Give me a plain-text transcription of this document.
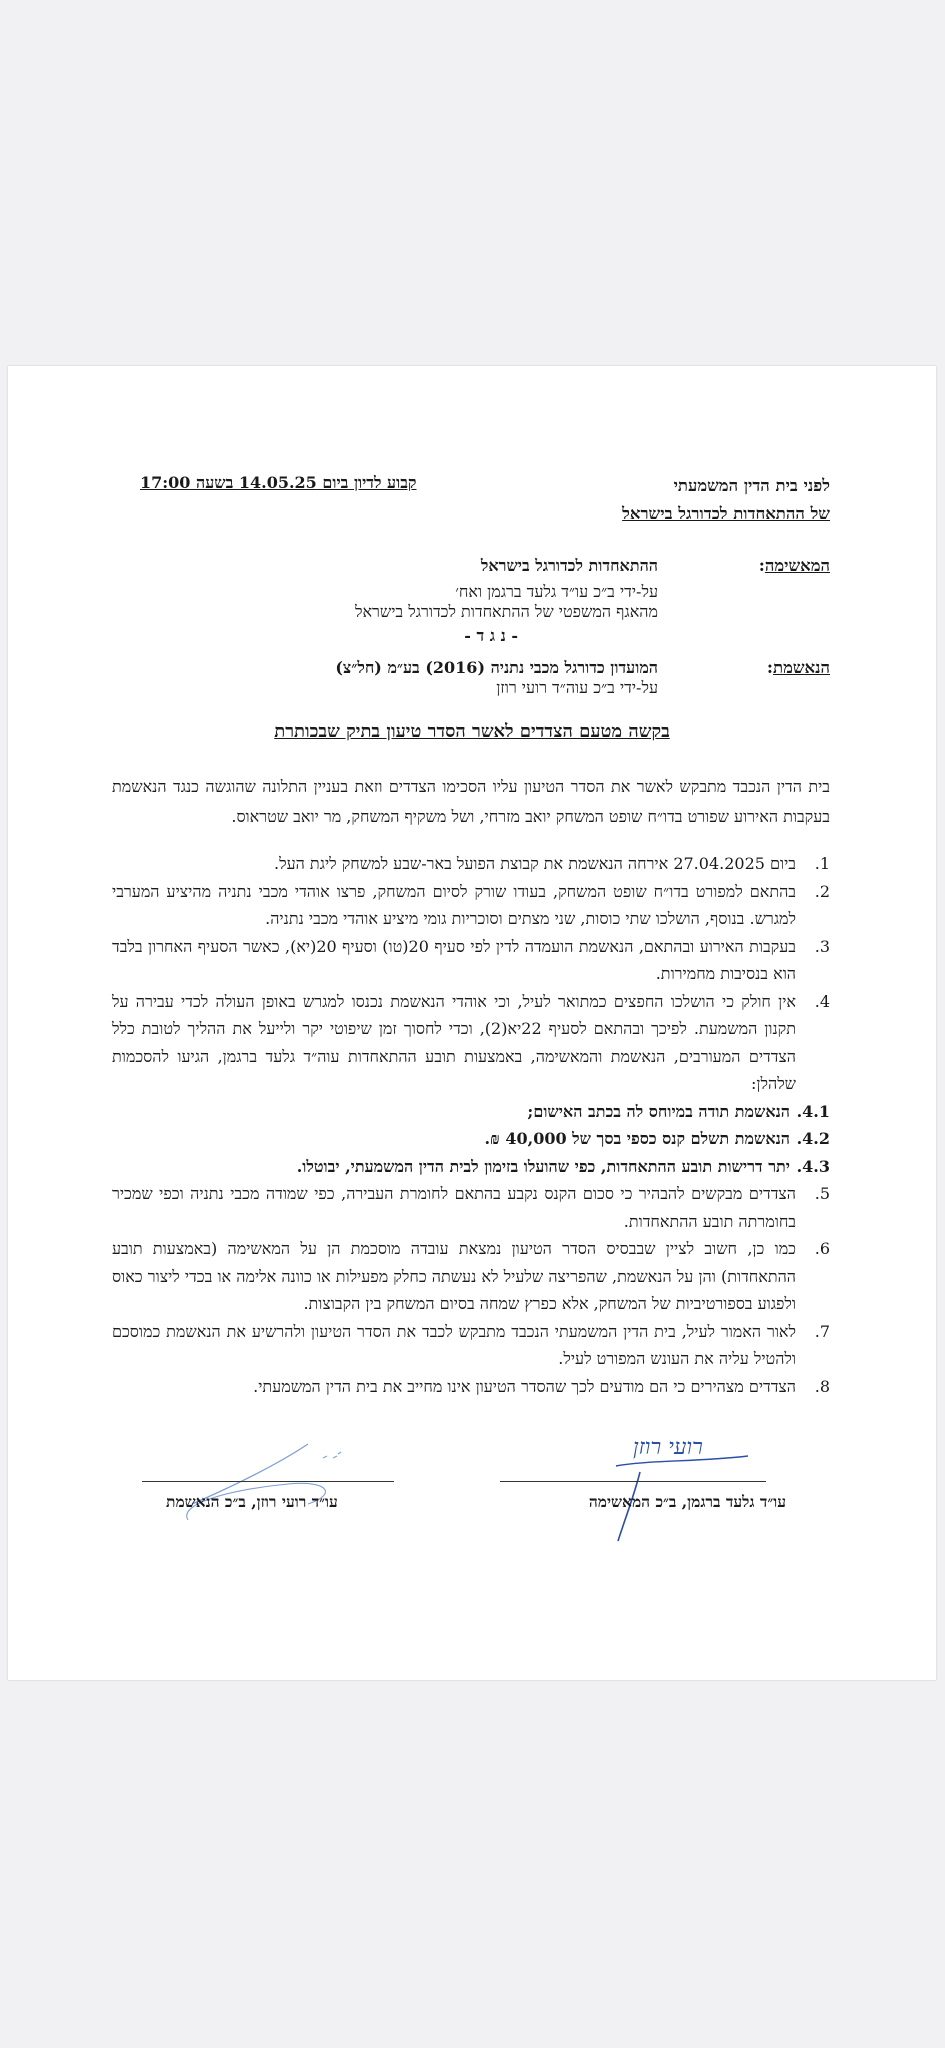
לפני בית הדין המשמעתי
של ההתאחדות לכדורגל בישראל
קבוע לדיון ביום 14.05.25 בשעה 17:00
המאשימה:
ההתאחדות לכדורגל בישראל
על-ידי ב״כ עו״ד גלעד ברגמן ואח׳
מהאגף המשפטי של ההתאחדות לכדורגל בישראל
- נ ג ד -
הנאשמת:
המועדון כדורגל מכבי נתניה (2016) בע״מ (חל״צ)
על-ידי ב״כ עוה״ד רועי רוזן
בקשה מטעם הצדדים לאשר הסדר טיעון בתיק שבכותרת
בית הדין הנכבד מתבקש לאשר את הסדר הטיעון עליו הסכימו הצדדים וזאת בעניין התלונה שהוגשה כנגד הנאשמת בעקבות האירוע שפורט בדו״ח שופט המשחק יואב מזרחי, ושל משקיף המשחק, מר יואב שטראוס.
1.
ביום 27.04.2025 אירחה הנאשמת את קבוצת הפועל באר-שבע למשחק ליגת העל.
2.
בהתאם למפורט בדו״ח שופט המשחק, בעודו שורק לסיום המשחק, פרצו אוהדי מכבי נתניה מהיציע המערבי למגרש. בנוסף, הושלכו שתי כוסות, שני מצתים וסוכריות גומי מיציע אוהדי מכבי נתניה.
3.
בעקבות האירוע ובהתאם, הנאשמת הועמדה לדין לפי סעיף 20(טו) וסעיף 20(יא), כאשר הסעיף האחרון בלבד הוא בנסיבות מחמירות.
4.
אין חולק כי הושלכו החפצים כמתואר לעיל, וכי אוהדי הנאשמת נכנסו למגרש באופן העולה לכדי עבירה על תקנון המשמעת. לפיכך ובהתאם לסעיף 22יא(2), וכדי לחסוך זמן שיפוטי יקר ולייעל את ההליך לטובת כלל הצדדים המעורבים, הנאשמת והמאשימה, באמצעות תובע ההתאחדות עוה״ד גלעד ברגמן, הגיעו להסכמות שלהלן:
4.1.
הנאשמת תודה במיוחס לה בכתב האישום;
4.2.
הנאשמת תשלם קנס כספי בסך של 40,000 ₪.
4.3.
יתר דרישות תובע ההתאחדות, כפי שהועלו בזימון לבית הדין המשמעתי, יבוטלו.
5.
הצדדים מבקשים להבהיר כי סכום הקנס נקבע בהתאם לחומרת העבירה, כפי שמודה מכבי נתניה וכפי שמכיר בחומרתה תובע ההתאחדות.
6.
כמו כן, חשוב לציין שבבסיס הסדר הטיעון נמצאת עובדה מוסכמת הן על המאשימה (באמצעות תובע ההתאחדות) והן על הנאשמת, שהפריצה שלעיל לא נעשתה כחלק מפעילות או כוונה אלימה או בכדי ליצור כאוס ולפגוע בספורטיביות של המשחק, אלא כפרץ שמחה בסיום המשחק בין הקבוצות.
7.
לאור האמור לעיל, בית הדין המשמעתי הנכבד מתבקש לכבד את הסדר הטיעון ולהרשיע את הנאשמת כמוסכם ולהטיל עליה את העונש המפורט לעיל.
8.
הצדדים מצהירים כי הם מודעים לכך שהסדר הטיעון אינו מחייב את בית הדין המשמעתי.
רועי רוזן
עו״ד גלעד ברגמן, ב״כ המאשימה
עו״ד רועי רוזן, ב״כ הנאשמת
